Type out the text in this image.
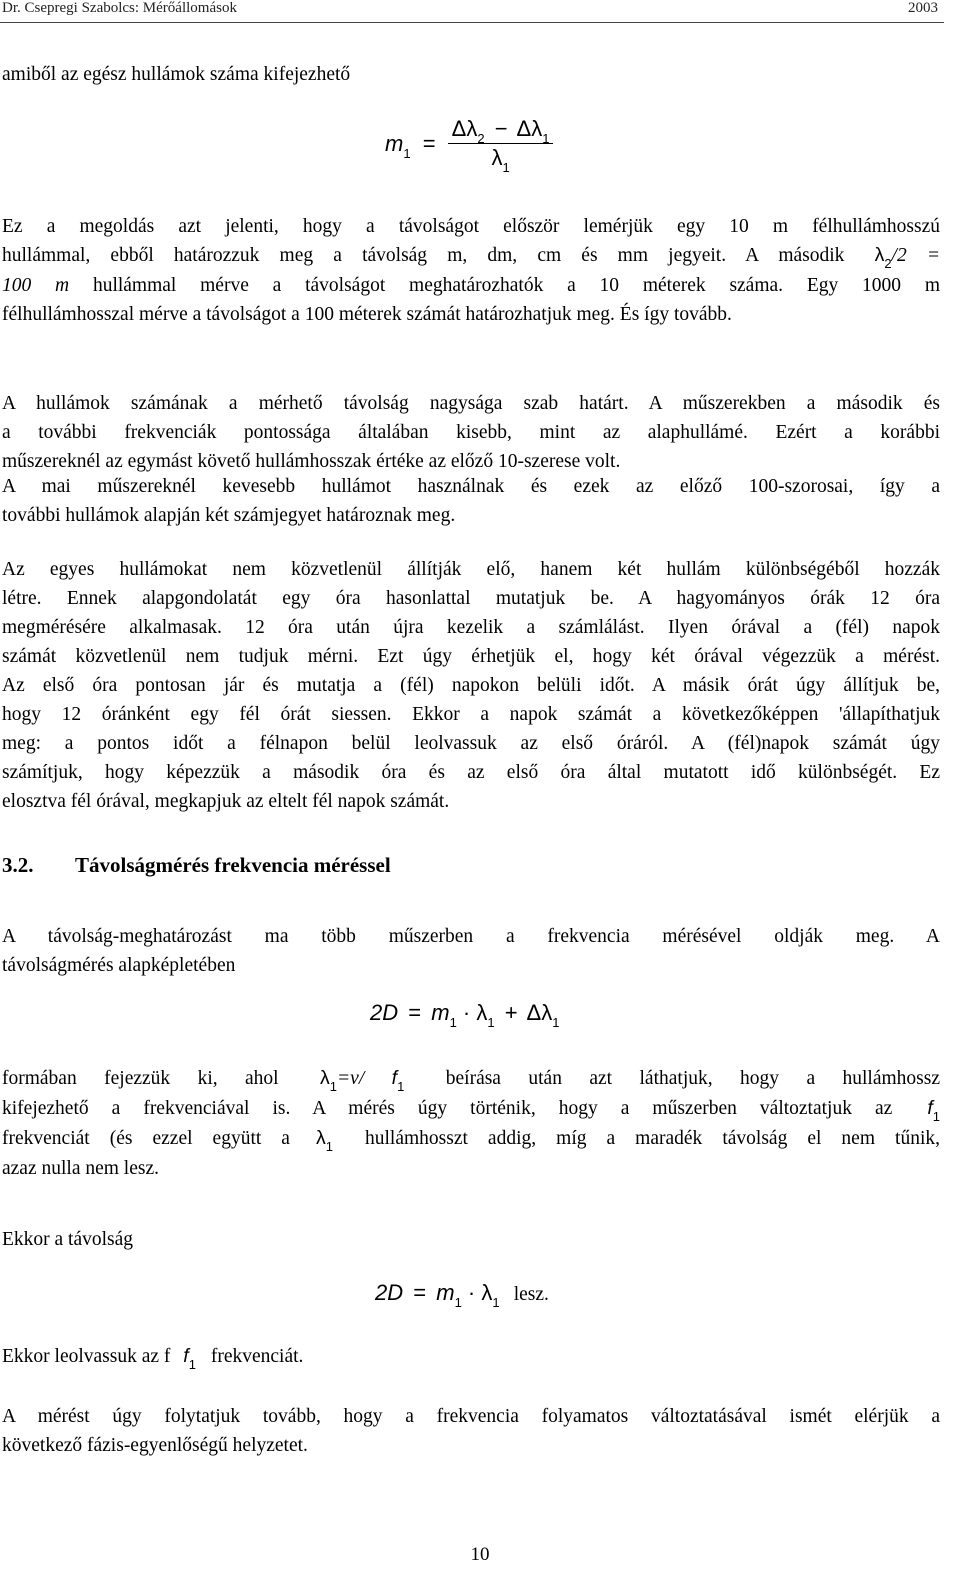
Dr. Csepregi Szabolcs: Mérőállomások	2003
amiből az egész hullámok száma kifejezhető
$m_1 = \frac{\Delta\lambda_2 - \Delta\lambda_1}{\lambda_1}$
Ez a megoldás azt jelenti, hogy a távolságot először lemérjük egy 10 m félhullámhosszú
hullámmal, ebből határozzuk meg a távolság m, dm, cm és mm jegyeit. A második $\lambda_2/2$ =
100 m hullámmal mérve a távolságot meghatározhatók a 10 méterek száma. Egy 1000 m
félhullámhosszal mérve a távolságot a 100 méterek számát határozhatjuk meg. És így tovább.
A hullámok számának a mérhető távolság nagysága szab határt. A műszerekben a második és
a további frekvenciák pontossága általában kisebb, mint az alaphullámé. Ezért a korábbi
műszereknél az egymást követő hullámhosszak értéke az előző 10-szerese volt.
A mai műszereknél kevesebb hullámot használnak és ezek az előző 100-szorosai, így a
további hullámok alapján két számjegyet határoznak meg.
Az egyes hullámokat nem közvetlenül állítják elő, hanem két hullám különbségéből hozzák
létre. Ennek alapgondolatát egy óra hasonlattal mutatjuk be. A hagyományos órák 12 óra
megmérésére alkalmasak. 12 óra után újra kezelik a számlálást. Ilyen órával a (fél) napok
számát közvetlenül nem tudjuk mérni. Ezt úgy érhetjük el, hogy két órával végezzük a mérést.
Az első óra pontosan jár és mutatja a (fél) napokon belüli időt. A másik órát úgy állítjuk be,
hogy 12 óránként egy fél órát siessen. Ekkor a napok számát a következőképpen 'állapíthatjuk
meg: a pontos időt a félnapon belül leolvassuk az első óráról. A (fél)napok számát úgy
számítjuk, hogy képezzük a második óra és az első óra által mutatott idő különbségét. Ez
elosztva fél órával, megkapjuk az eltelt fél napok számát.
3.2. Távolságmérés frekvencia méréssel
A távolság-meghatározást ma több műszerben a frekvencia mérésével oldják meg. A
távolságmérés alapképletében
$2D = m_1 \cdot \lambda_1 + \Delta\lambda_1$
formában fejezzük ki, ahol $\lambda_1=v/$ $f_1$ beírása után azt láthatjuk, hogy a hullámhossz
kifejezhető a frekvenciával is. A mérés úgy történik, hogy a műszerben változtatjuk az $f_1$
frekvenciát (és ezzel együtt a $\lambda_1$ hullámhosszt addig, míg a maradék távolság el nem tűnik,
azaz nulla nem lesz.
Ekkor a távolság
$2D = m_1 \cdot \lambda_1$ lesz.
Ekkor leolvassuk az f $f_1$ frekvenciát.
A mérést úgy folytatjuk tovább, hogy a frekvencia folyamatos változtatásával ismét elérjük a
következő fázis-egyenlőségű helyzetet.
10
